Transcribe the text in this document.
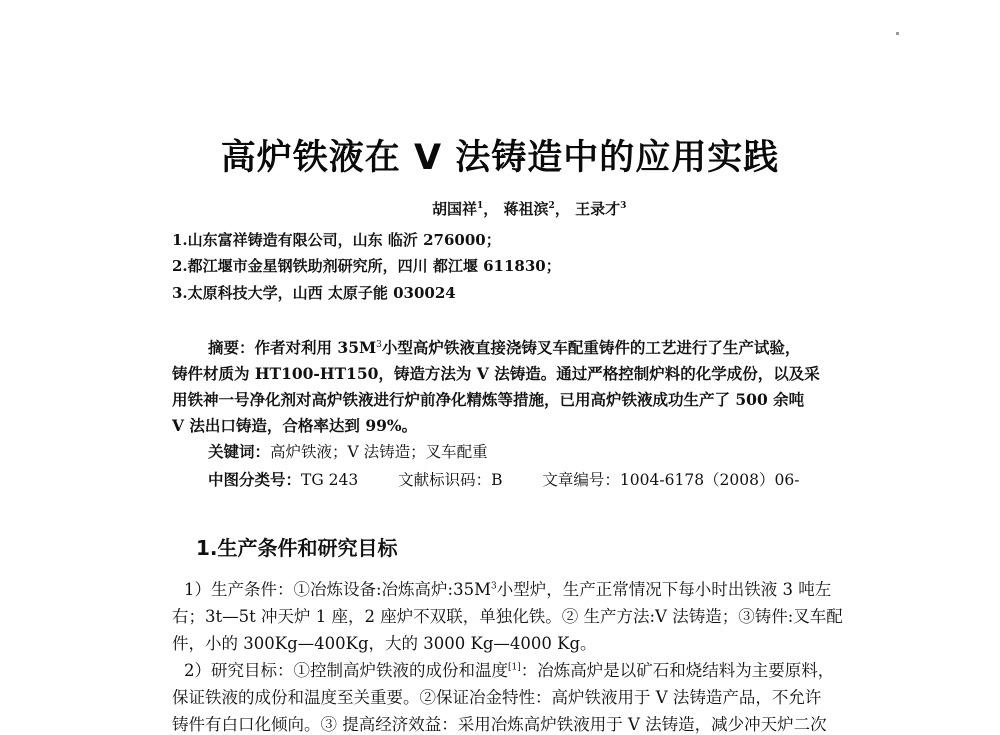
高炉铁液在 V 法铸造中的应用实践
胡国祥$^1$， 蒋祖滨$^2$， 王录才$^3$
1.山东富祥铸造有限公司，山东 临沂 276000；
2.都江堰市金星钢铁助剂研究所，四川 都江堰 611830；
3.太原科技大学，山西 太原子能 030024
摘要：作者对利用 $35M^3$小型高炉铁液直接浇铸叉车配重铸件的工艺进行了生产试验，
铸件材质为 HT100-HT150，铸造方法为 V 法铸造。通过严格控制炉料的化学成份，以及采
用铁神一号净化剂对高炉铁液进行炉前净化精炼等措施，已用高炉铁液成功生产了 500 余吨
V 法出口铸造，合格率达到 99%。
关键词：高炉铁液；V 法铸造；叉车配重
中图分类号：TG 243	文献标识码：B	文章编号：1004-6178（2008）06-
1.生产条件和研究目标
1）生产条件：①冶炼设备:冶炼高炉$:35M^3$小型炉，生产正常情况下每小时出铁液 3 吨左
右；3t—5t 冲天炉 1 座，2 座炉不双联，单独化铁。② 生产方法:V 法铸造；③铸件:叉车配
件，小的 300Kg—400Kg，大的 3000 Kg—4000 Kg。
2）研究目标：①控制高炉铁液的成份和温度[1]：冶炼高炉是以矿石和烧结料为主要原料，
保证铁液的成份和温度至关重要。②保证冶金特性：高炉铁液用于 V 法铸造产品，不允许
铸件有白口化倾向。③ 提高经济效益：采用冶炼高炉铁液用于 V 法铸造，减少冲天炉二次
